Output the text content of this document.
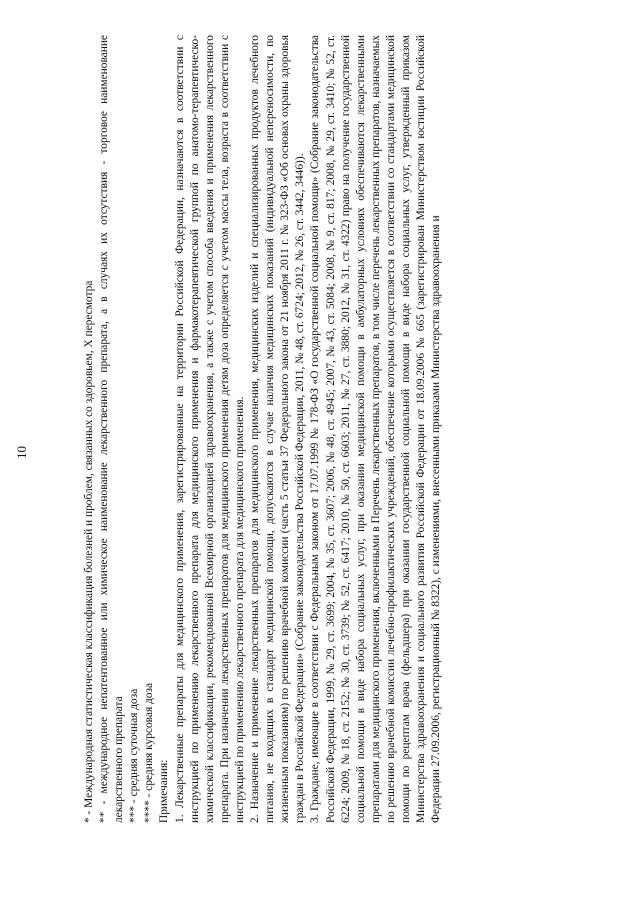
10	* - Международная статистическая классификация болезней и проблем, связанных со здоровьем, X пересмотра ** - международное непатентованное или химическое наименование лекарственного препарата, а в случаях их отсутствия - торговое наименование лекарственного препарата *** - средняя суточная доза **** - средняя курсовая доза Примечания: 1. Лекарственные препараты для медицинского применения, зарегистрированные на территории Российской Федерации, назначаются в соответствии с инструкцией по применению лекарственного препарата для медицинского применения и фармакотерапевтической группой по анатомо-терапевтическо-химической классификации, рекомендованной Всемирной организацией здравоохранения, а также с учетом способа введения и применения лекарственного препарата. При назначении лекарственных препаратов для медицинского применения детям доза определяется с учетом массы тела, возраста в соответствии с инструкцией по применению лекарственного препарата для медицинского применения. 2. Назначение и применение лекарственных препаратов для медицинского применения, медицинских изделий и специализированных продуктов лечебного питания, не входящих в стандарт медицинской помощи, допускаются в случае наличия медицинских показаний (индивидуальной непереносимости, по жизненным показаниям) по решению врачебной комиссии (часть 5 статьи 37 Федерального закона от 21 ноября 2011 г. № 323-ФЗ «Об основах охраны здоровья граждан в Российской Федерации» (Собрание законодательства Российской Федерации, 2011, № 48, ст. 6724; 2012, № 26, ст. 3442, 3446)). 3. Граждане, имеющие в соответствии с Федеральным законом от 17.07.1999 № 178-ФЗ «О государственной социальной помощи» (Собрание законодательства Российской Федерации, 1999, № 29, ст. 3699; 2004, № 35, ст. 3607; 2006, № 48, ст. 4945; 2007, № 43, ст. 5084; 2008, № 9, ст. 817; 2008, № 29, ст. 3410; № 52, ст. 6224; 2009, № 18, ст. 2152; № 30, ст. 3739; № 52, ст. 6417; 2010, № 50, ст. 6603; 2011, № 27, ст. 3880; 2012, № 31, ст. 4322) право на получение государственной социальной помощи в виде набора социальных услуг, при оказании медицинской помощи в амбулаторных условиях обеспечиваются лекарственными препаратами для медицинского применения, включенными в Перечень лекарственных препаратов, в том числе перечень лекарственных препаратов, назначаемых по решению врачебной комиссии лечебно-профилактических учреждений, обеспечение которыми осуществляется в соответствии со стандартами медицинской помощи по рецептам врача (фельдшера) при оказании государственной социальной помощи в виде набора социальных услуг, утвержденный приказом Министерства здравоохранения и социального развития Российской Федерации от 18.09.2006 № 665 (зарегистрирован Министерством юстиции Российской Федерации 27.09.2006, регистрационный № 8322), с изменениями, внесенными приказами Министерства здравоохранения и
